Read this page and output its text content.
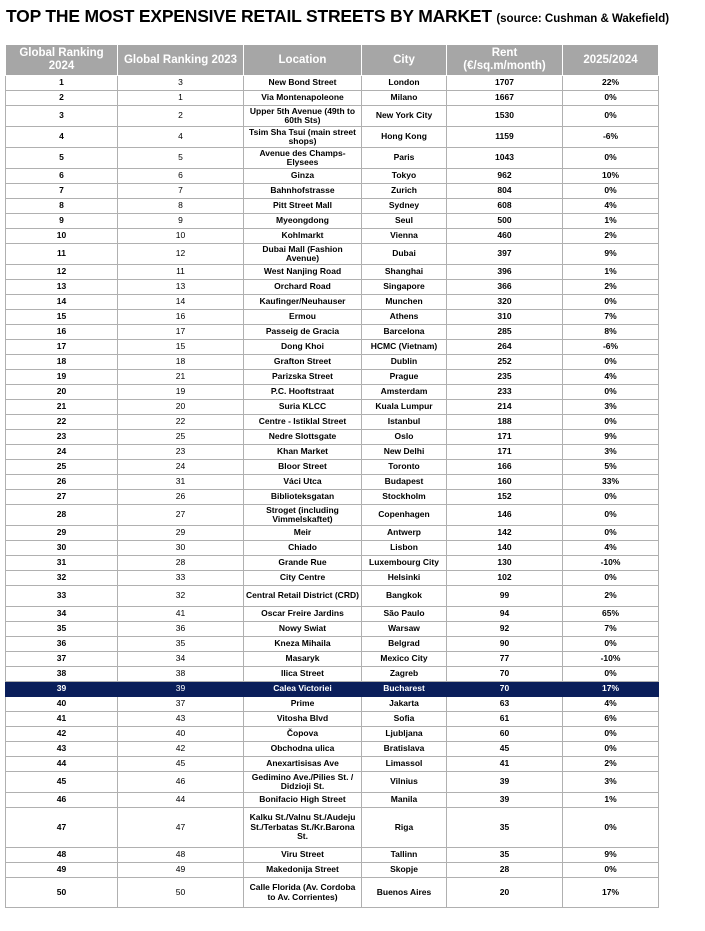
TOP THE MOST EXPENSIVE RETAIL STREETS BY MARKET (source: Cushman & Wakefield)
Global Ranking 2024	Global Ranking 2023	Location	City	Rent (€/sq.m/month)	2025/2024
1	3	New Bond Street	London	1707	22%
2	1	Via Montenapoleone	Milano	1667	0%
3	2	Upper 5th Avenue (49th to 60th Sts)	New York City	1530	0%
4	4	Tsim Sha Tsui (main street shops)	Hong Kong	1159	-6%
5	5	Avenue des Champs-Elysees	Paris	1043	0%
6	6	Ginza	Tokyo	962	10%
7	7	Bahnhofstrasse	Zurich	804	0%
8	8	Pitt Street Mall	Sydney	608	4%
9	9	Myeongdong	Seul	500	1%
10	10	Kohlmarkt	Vienna	460	2%
11	12	Dubai Mall (Fashion Avenue)	Dubai	397	9%
12	11	West Nanjing Road	Shanghai	396	1%
13	13	Orchard Road	Singapore	366	2%
14	14	Kaufinger/Neuhauser	Munchen	320	0%
15	16	Ermou	Athens	310	7%
16	17	Passeig de Gracia	Barcelona	285	8%
17	15	Dong Khoi	HCMC (Vietnam)	264	-6%
18	18	Grafton Street	Dublin	252	0%
19	21	Parizska Street	Prague	235	4%
20	19	P.C. Hooftstraat	Amsterdam	233	0%
21	20	Suria KLCC	Kuala Lumpur	214	3%
22	22	Centre - Istiklal Street	Istanbul	188	0%
23	25	Nedre Slottsgate	Oslo	171	9%
24	23	Khan Market	New Delhi	171	3%
25	24	Bloor Street	Toronto	166	5%
26	31	Váci Utca	Budapest	160	33%
27	26	Biblioteksgatan	Stockholm	152	0%
28	27	Stroget (including Vimmelskaftet)	Copenhagen	146	0%
29	29	Meir	Antwerp	142	0%
30	30	Chiado	Lisbon	140	4%
31	28	Grande Rue	Luxembourg City	130	-10%
32	33	City Centre	Helsinki	102	0%
33	32	Central Retail District (CRD)	Bangkok	99	2%
34	41	Oscar Freire Jardins	São Paulo	94	65%
35	36	Nowy Swiat	Warsaw	92	7%
36	35	Kneza Mihaila	Belgrad	90	0%
37	34	Masaryk	Mexico City	77	-10%
38	38	Ilica Street	Zagreb	70	0%
39	39	Calea Victoriei	Bucharest	70	17%
40	37	Prime	Jakarta	63	4%
41	43	Vitosha Blvd	Sofia	61	6%
42	40	Čopova	Ljubljana	60	0%
43	42	Obchodna ulica	Bratislava	45	0%
44	45	Anexartisisas Ave	Limassol	41	2%
45	46	Gedimino Ave./Pilies St. / Didzioji St.	Vilnius	39	3%
46	44	Bonifacio High Street	Manila	39	1%
47	47	Kalku St./Valnu St./Audeju St./Terbatas St./Kr.Barona St.	Riga	35	0%
48	48	Viru Street	Tallinn	35	9%
49	49	Makedonija Street	Skopje	28	0%
50	50	Calle Florida (Av. Cordoba to Av. Corrientes)	Buenos Aires	20	17%
